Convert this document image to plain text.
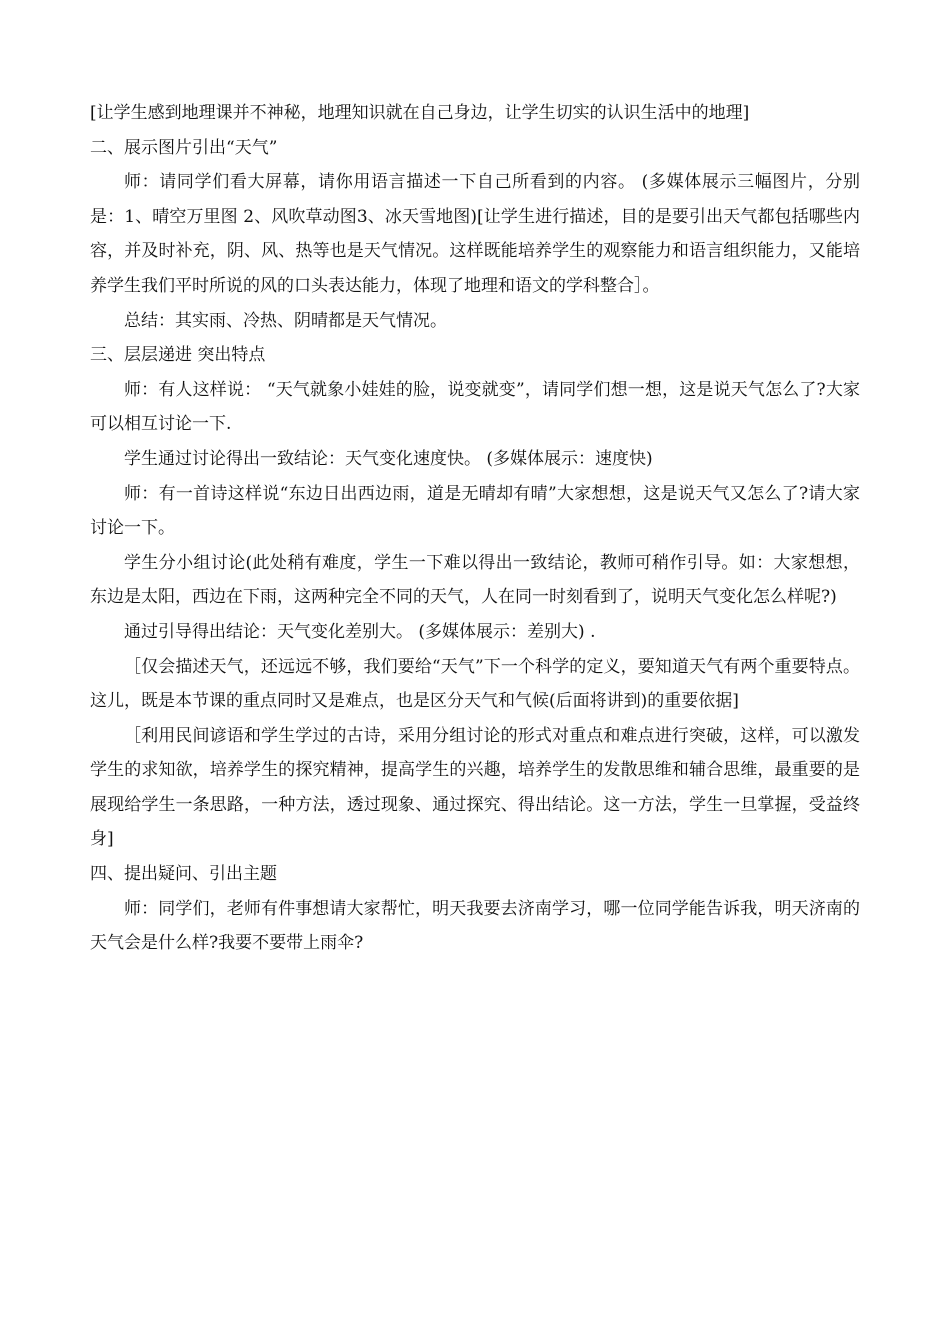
[让学生感到地理课并不神秘，地理知识就在自己身边，让学生切实的认识生活中的地理]

二、展示图片引出“天气”

师：请同学们看大屏幕，请你用语言描述一下自己所看到的内容。 (多媒体展示三幅图片，分别是：1、晴空万里图 2、风吹草动图3、冰天雪地图)[让学生进行描述，目的是要引出天气都包括哪些内容，并及时补充，阴、风、热等也是天气情况。这样既能培养学生的观察能力和语言组织能力，又能培养学生我们平时所说的风的口头表达能力，体现了地理和语文的学科整合］。

总结：其实雨、冷热、阴晴都是天气情况。

三、层层递进 突出特点

师：有人这样说： “天气就象小娃娃的脸，说变就变”，请同学们想一想，这是说天气怎么了?大家可以相互讨论一下.

学生通过讨论得出一致结论：天气变化速度快。 (多媒体展示：速度快)

师：有一首诗这样说“东边日出西边雨，道是无晴却有晴”大家想想，这是说天气又怎么了?请大家讨论一下。

学生分小组讨论(此处稍有难度，学生一下难以得出一致结论，教师可稍作引导。如：大家想想，东边是太阳，西边在下雨，这两种完全不同的天气，人在同一时刻看到了，说明天气变化怎么样呢?)

通过引导得出结论：天气变化差别大。 (多媒体展示：差别大) .

［仅会描述天气，还远远不够，我们要给“天气”下一个科学的定义，要知道天气有两个重要特点。这儿，既是本节课的重点同时又是难点，也是区分天气和气候(后面将讲到)的重要依据]

［利用民间谚语和学生学过的古诗，采用分组讨论的形式对重点和难点进行突破，这样，可以激发学生的求知欲，培养学生的探究精神，提高学生的兴趣，培养学生的发散思维和辅合思维，最重要的是展现给学生一条思路，一种方法，透过现象、通过探究、得出结论。这一方法，学生一旦掌握，受益终身]

四、提出疑问、引出主题

师：同学们，老师有件事想请大家帮忙，明天我要去济南学习，哪一位同学能告诉我，明天济南的天气会是什么样?我要不要带上雨伞?
